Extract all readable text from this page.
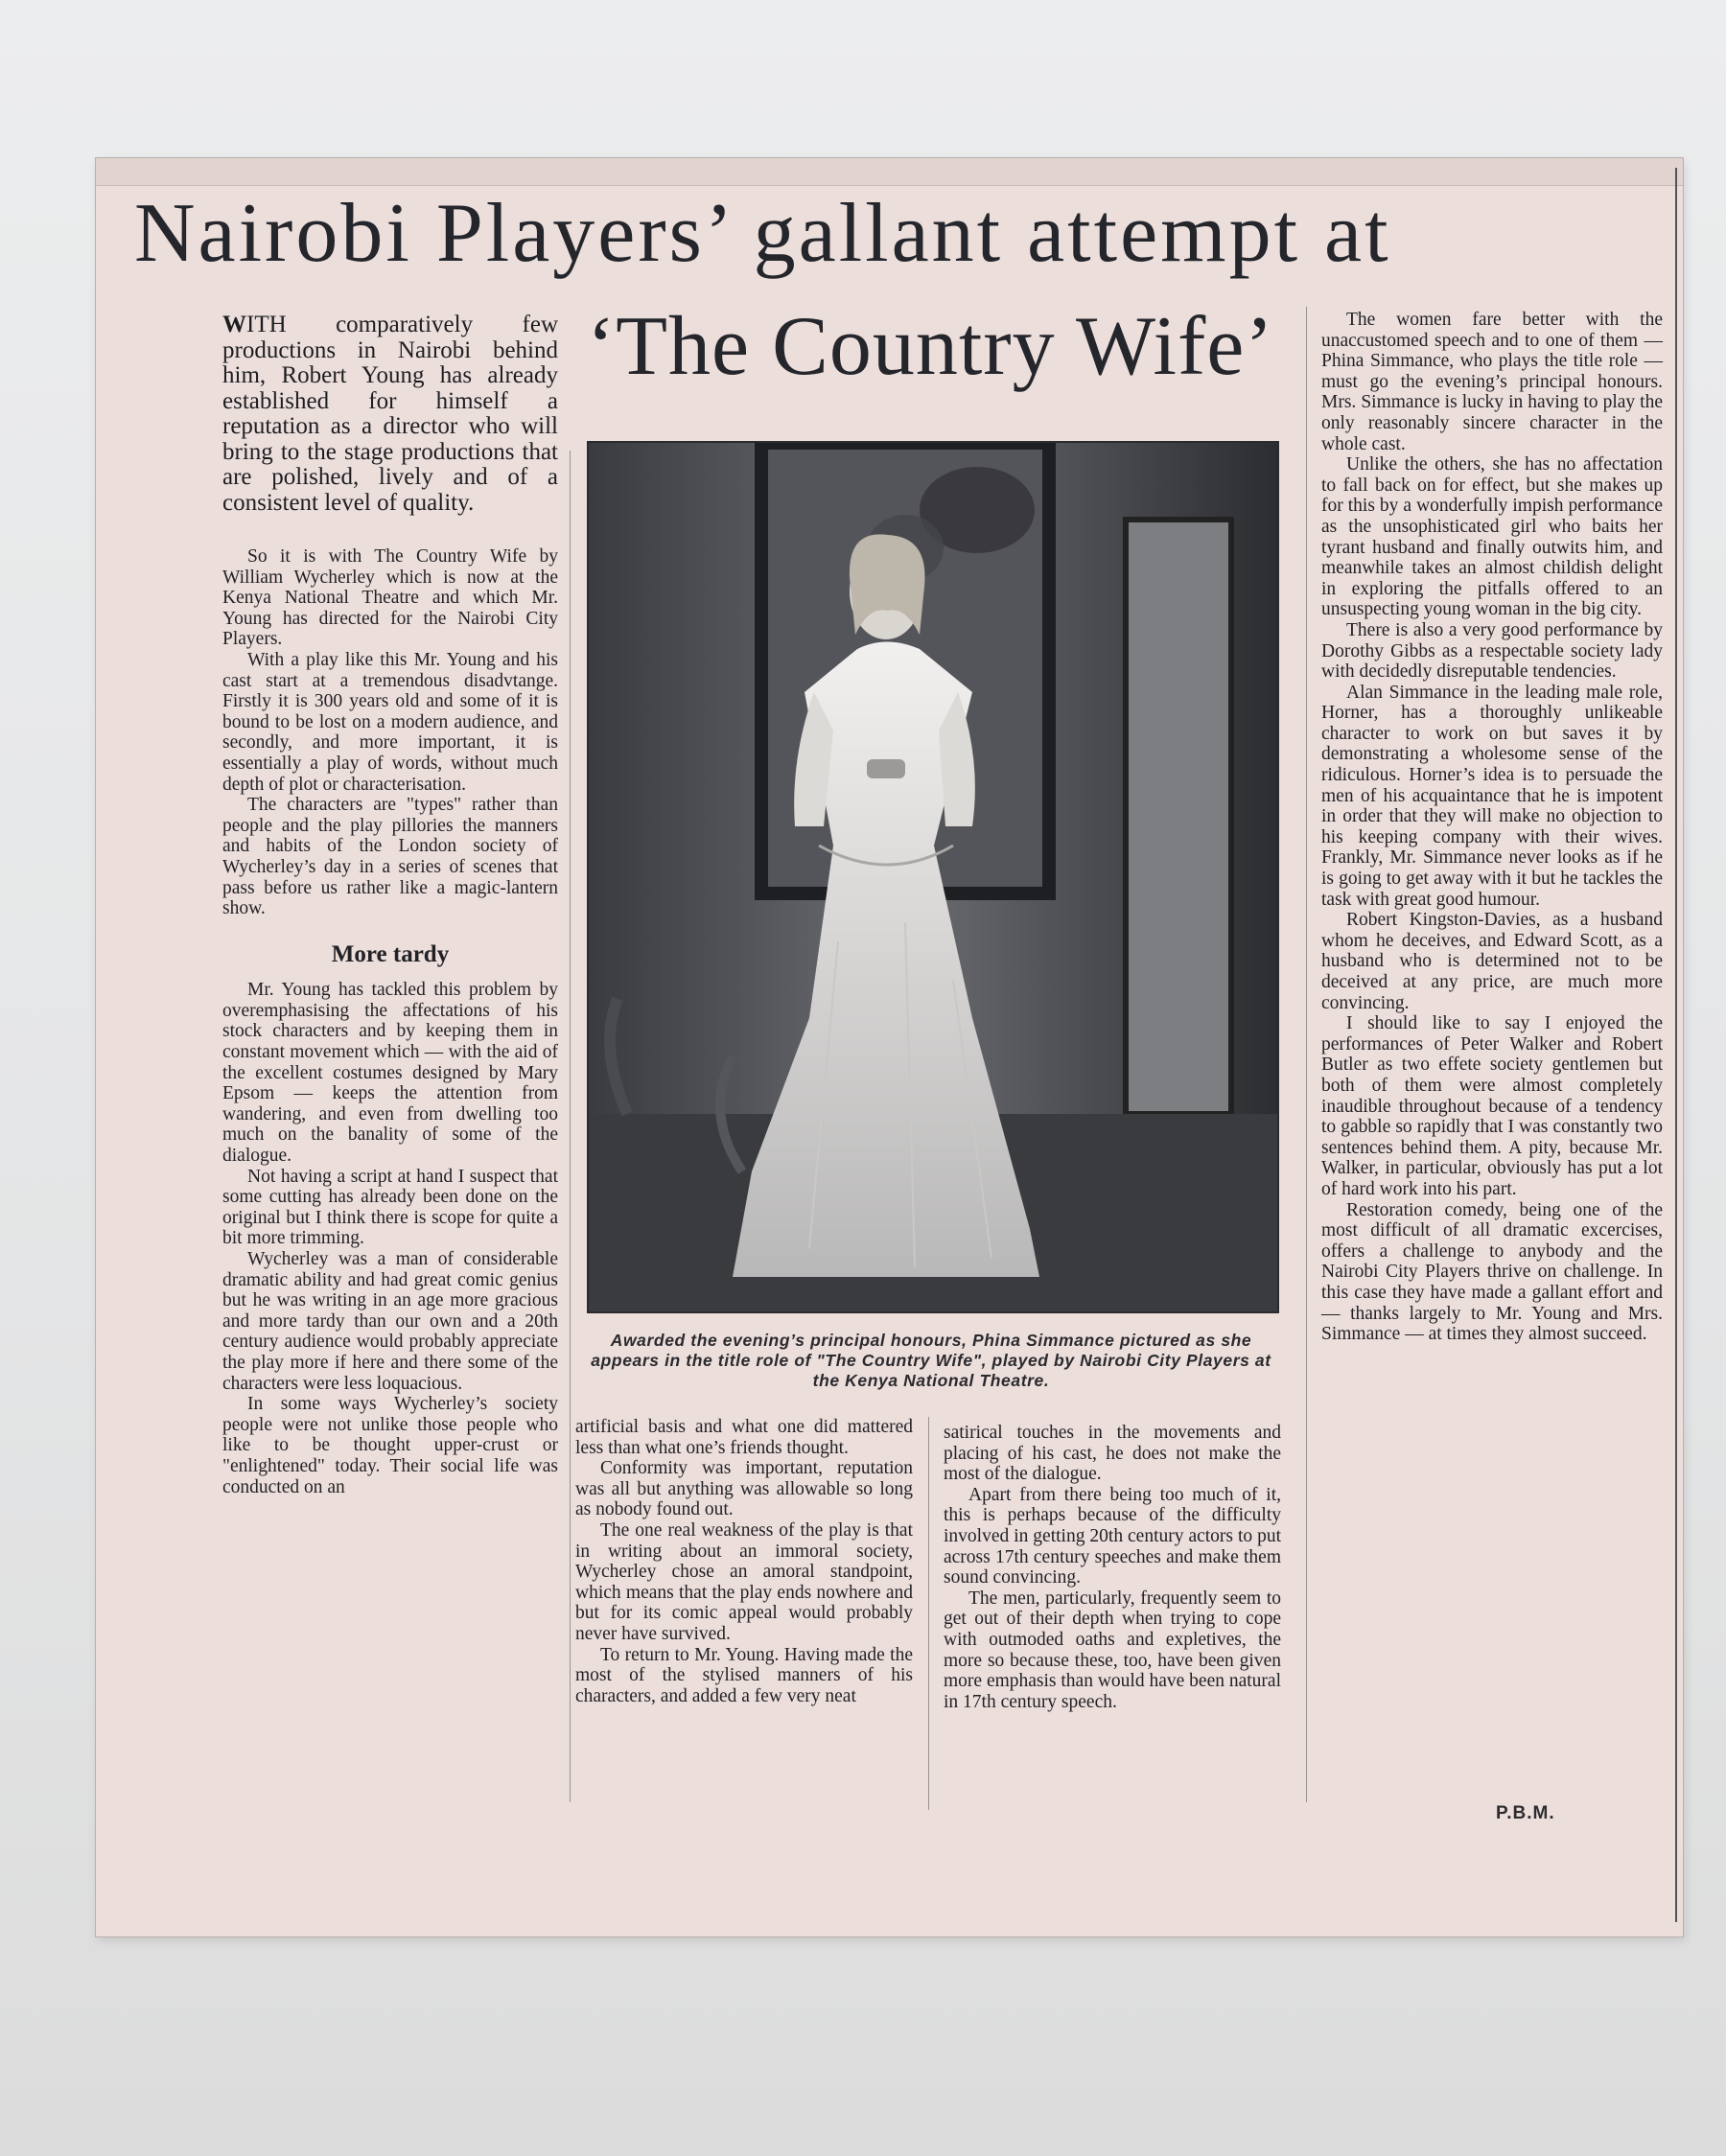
Nairobi Players’ gallant attempt at
‘The Country Wife’
WITH comparatively few productions in Nairobi behind him, Robert Young has already established for himself a reputation as a director who will bring to the stage productions that are polished, lively and of a consistent level of quality.

So it is with The Country Wife by William Wycherley which is now at the Kenya National Theatre and which Mr. Young has directed for the Nairobi City Players.

With a play like this Mr. Young and his cast start at a tremendous disadvtange. Firstly it is 300 years old and some of it is bound to be lost on a modern audience, and secondly, and more important, it is essentially a play of words, without much depth of plot or characterisation.

The characters are "types" rather than people and the play pillories the manners and habits of the London society of Wycherley’s day in a series of scenes that pass before us rather like a magic-lantern show.

More tardy

Mr. Young has tackled this problem by overemphasising the affectations of his stock characters and by keeping them in constant movement which — with the aid of the excellent costumes designed by Mary Epsom — keeps the attention from wandering, and even from dwelling too much on the banality of some of the dialogue.

Not having a script at hand I suspect that some cutting has already been done on the original but I think there is scope for quite a bit more trimming.

Wycherley was a man of considerable dramatic ability and had great comic genius but he was writing in an age more gracious and more tardy than our own and a 20th century audience would probably appreciate the play more if here and there some of the characters were less loquacious.

In some ways Wycherley’s society people were not unlike those people who like to be thought upper-crust or "enlightened" today. Their social life was conducted on an

Awarded the evening’s principal honours, Phina Simmance pictured as she appears in the title role of "The Country Wife", played by Nairobi City Players at the Kenya National Theatre.

artificial basis and what one did mattered less than what one’s friends thought.

Conformity was important, reputation was all but anything was allowable so long as nobody found out.

The one real weakness of the play is that in writing about an immoral society, Wycherley chose an amoral standpoint, which means that the play ends nowhere and but for its comic appeal would probably never have survived.

To return to Mr. Young. Having made the most of the stylised manners of his characters, and added a few very neat

satirical touches in the movements and placing of his cast, he does not make the most of the dialogue.

Apart from there being too much of it, this is perhaps because of the difficulty involved in getting 20th century actors to put across 17th century speeches and make them sound convincing.

The men, particularly, frequently seem to get out of their depth when trying to cope with outmoded oaths and expletives, the more so because these, too, have been given more emphasis than would have been natural in 17th century speech.

The women fare better with the unaccustomed speech and to one of them — Phina Simmance, who plays the title role — must go the evening’s principal honours. Mrs. Simmance is lucky in having to play the only reasonably sincere character in the whole cast.

Unlike the others, she has no affectation to fall back on for effect, but she makes up for this by a wonderfully impish performance as the unsophisticated girl who baits her tyrant husband and finally outwits him, and meanwhile takes an almost childish delight in exploring the pitfalls offered to an unsuspecting young woman in the big city.

There is also a very good performance by Dorothy Gibbs as a respectable society lady with decidedly disreputable tendencies.

Alan Simmance in the leading male role, Horner, has a thoroughly unlikeable character to work on but saves it by demonstrating a wholesome sense of the ridiculous. Horner’s idea is to persuade the men of his acquaintance that he is impotent in order that they will make no objection to his keeping company with their wives. Frankly, Mr. Simmance never looks as if he is going to get away with it but he tackles the task with great good humour.

Robert Kingston-Davies, as a husband whom he deceives, and Edward Scott, as a husband who is determined not to be deceived at any price, are much more convincing.

I should like to say I enjoyed the performances of Peter Walker and Robert Butler as two effete society gentlemen but both of them were almost completely inaudible throughout because of a tendency to gabble so rapidly that I was constantly two sentences behind them. A pity, because Mr. Walker, in particular, obviously has put a lot of hard work into his part.

Restoration comedy, being one of the most difficult of all dramatic excercises, offers a challenge to anybody and the Nairobi City Players thrive on challenge. In this case they have made a gallant effort and — thanks largely to Mr. Young and Mrs. Simmance — at times they almost succeed.

P.B.M.
